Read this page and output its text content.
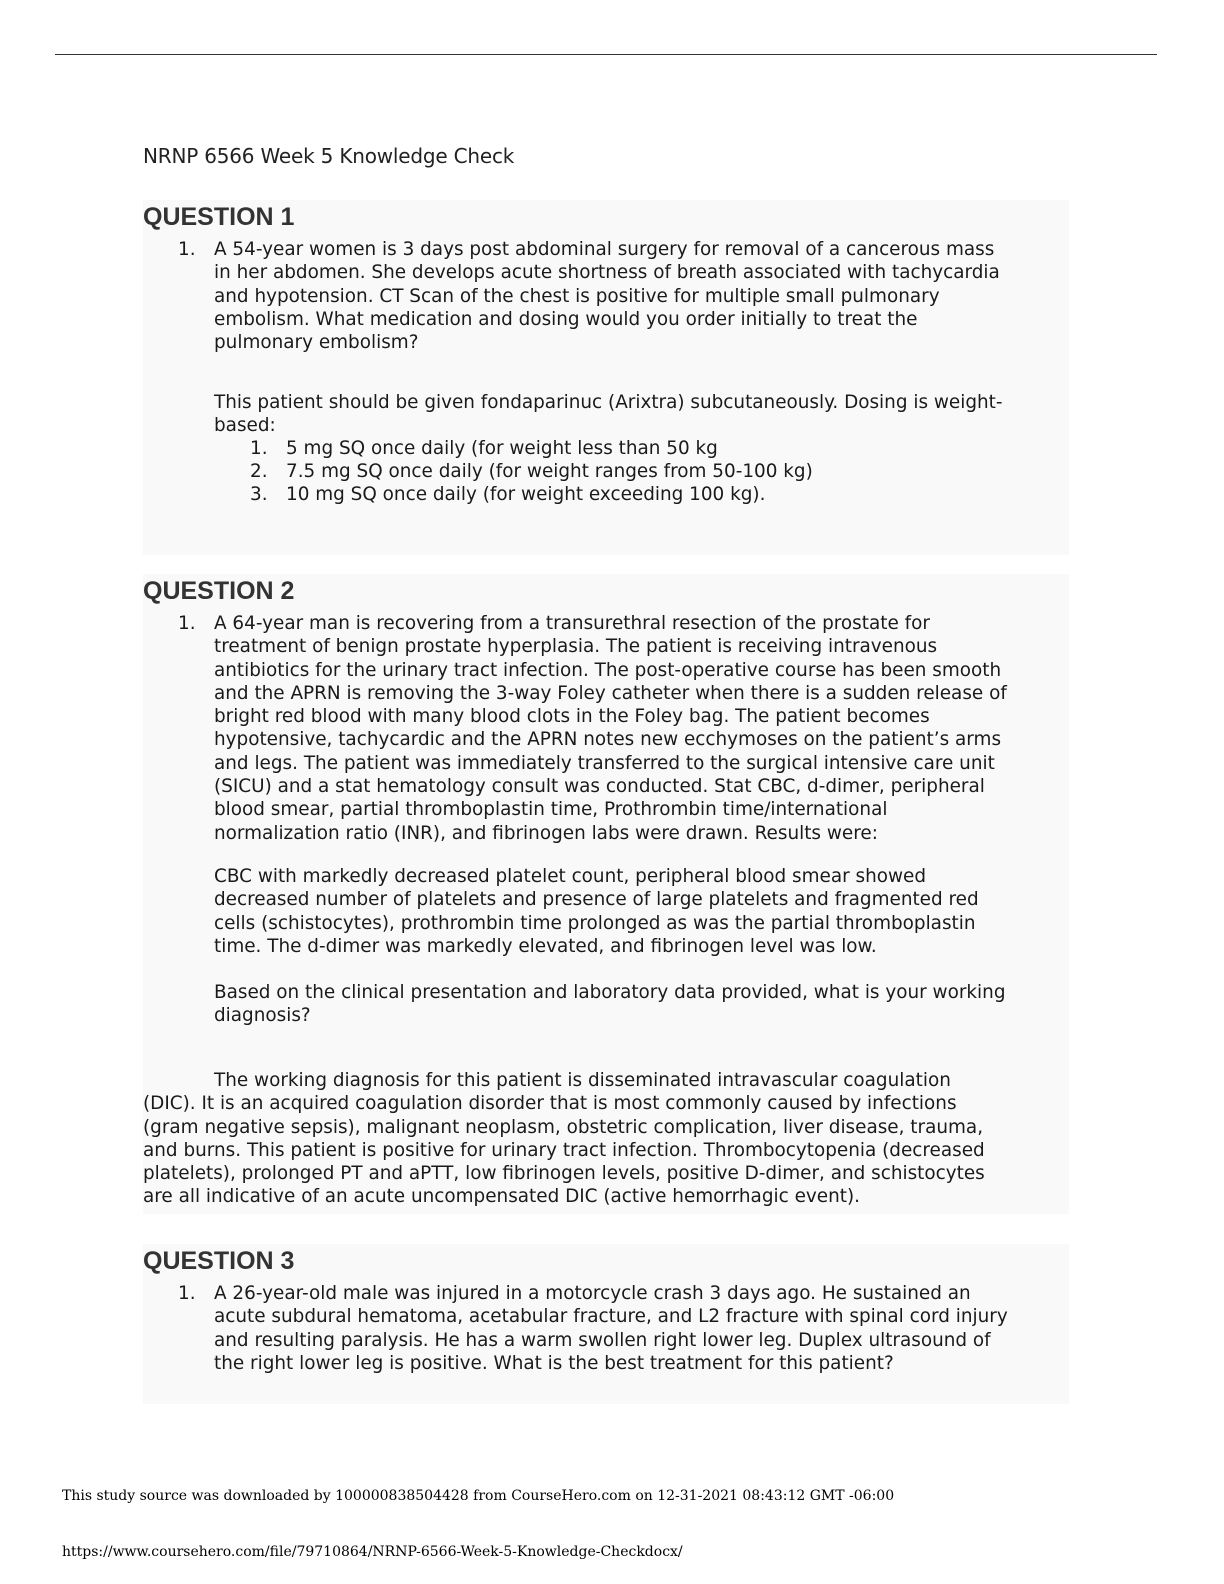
NRNP 6566 Week 5 Knowledge Check
QUESTION 1
1. A 54-year women is 3 days post abdominal surgery for removal of a cancerous mass
in her abdomen. She develops acute shortness of breath associated with tachycardia
and hypotension. CT Scan of the chest is positive for multiple small pulmonary
embolism. What medication and dosing would you order initially to treat the
pulmonary embolism?
This patient should be given fondaparinuc (Arixtra) subcutaneously. Dosing is weight-
based:
1. 5 mg SQ once daily (for weight less than 50 kg
2. 7.5 mg SQ once daily (for weight ranges from 50-100 kg)
3. 10 mg SQ once daily (for weight exceeding 100 kg).
QUESTION 2
1. A 64-year man is recovering from a transurethral resection of the prostate for
treatment of benign prostate hyperplasia. The patient is receiving intravenous
antibiotics for the urinary tract infection. The post-operative course has been smooth
and the APRN is removing the 3-way Foley catheter when there is a sudden release of
bright red blood with many blood clots in the Foley bag. The patient becomes
hypotensive, tachycardic and the APRN notes new ecchymoses on the patient’s arms
and legs. The patient was immediately transferred to the surgical intensive care unit
(SICU) and a stat hematology consult was conducted. Stat CBC, d-dimer, peripheral
blood smear, partial thromboplastin time, Prothrombin time/international
normalization ratio (INR), and fibrinogen labs were drawn. Results were:
CBC with markedly decreased platelet count, peripheral blood smear showed
decreased number of platelets and presence of large platelets and fragmented red
cells (schistocytes), prothrombin time prolonged as was the partial thromboplastin
time. The d-dimer was markedly elevated, and fibrinogen level was low.
Based on the clinical presentation and laboratory data provided, what is your working
diagnosis?
The working diagnosis for this patient is disseminated intravascular coagulation
(DIC). It is an acquired coagulation disorder that is most commonly caused by infections
(gram negative sepsis), malignant neoplasm, obstetric complication, liver disease, trauma,
and burns. This patient is positive for urinary tract infection. Thrombocytopenia (decreased
platelets), prolonged PT and aPTT, low fibrinogen levels, positive D-dimer, and schistocytes
are all indicative of an acute uncompensated DIC (active hemorrhagic event).
QUESTION 3
1. A 26-year-old male was injured in a motorcycle crash 3 days ago. He sustained an
acute subdural hematoma, acetabular fracture, and L2 fracture with spinal cord injury
and resulting paralysis. He has a warm swollen right lower leg. Duplex ultrasound of
the right lower leg is positive. What is the best treatment for this patient?
This study source was downloaded by 100000838504428 from CourseHero.com on 12-31-2021 08:43:12 GMT -06:00
https://www.coursehero.com/file/79710864/NRNP-6566-Week-5-Knowledge-Checkdocx/
